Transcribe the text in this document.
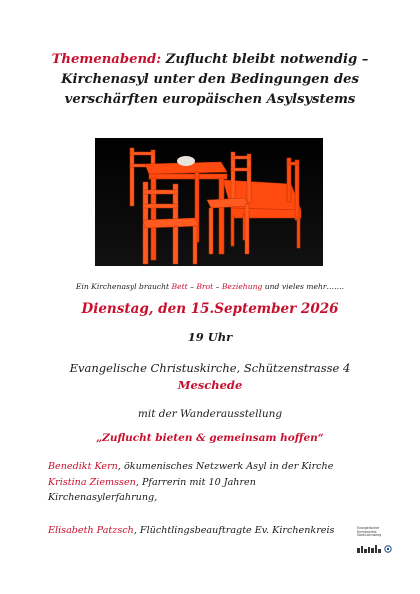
Themenabend: Zuflucht bleibt notwendig –
Kirchenasyl unter den Bedingungen des
verschärften europäischen Asylsystems
Ein Kirchenasyl braucht Bett – Brot – Beziehung und vieles mehr…….
Dienstag, den 15.September 2026
19 Uhr
Evangelische Christuskirche, Schützenstrasse 4
Meschede
mit der Wanderausstellung
„Zuflucht bieten & gemeinsam hoffen“
Benedikt Kern, ökumenisches Netzwerk Asyl in der Kirche
Kristina Ziemssen, Pfarrerin mit 10 Jahren
Kirchenasylerfahrung,
Elisabeth Patzsch, Flüchtlingsbeauftragte Ev. Kirchenkreis	Evangelischer Kirchenkreis
Soest-Arnsberg
